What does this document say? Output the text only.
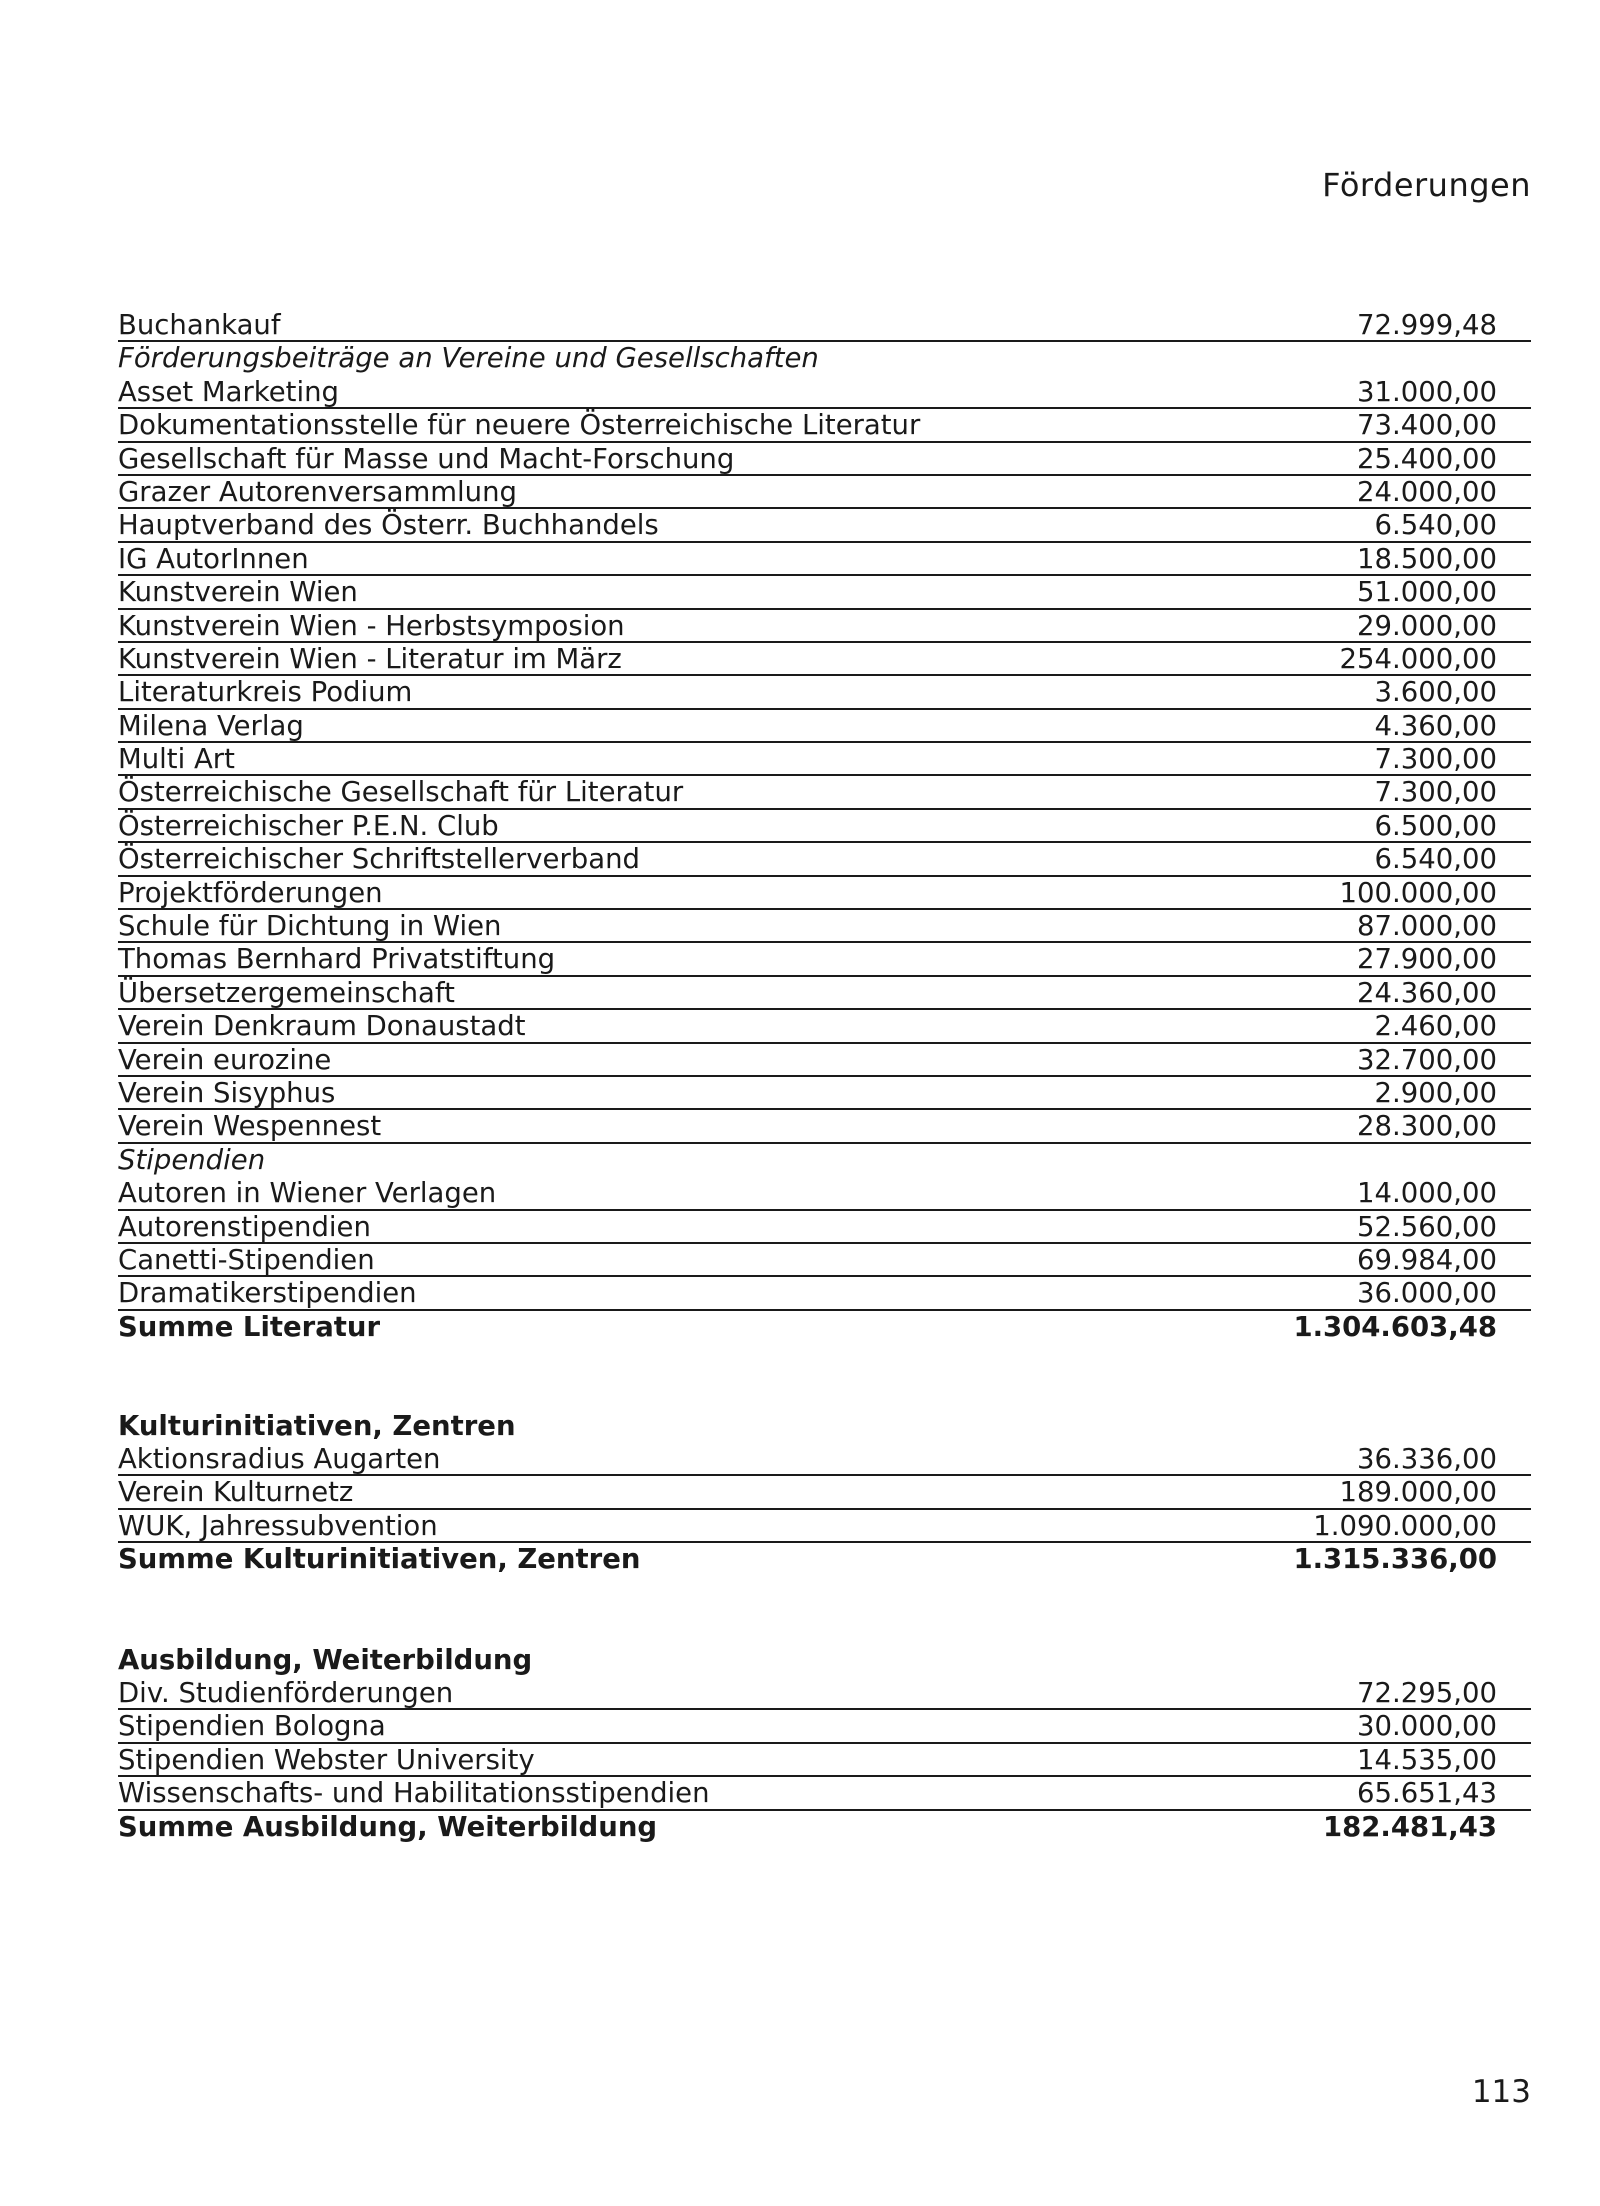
Förderungen
Buchankauf	72.999,48
Förderungsbeiträge an Vereine und Gesellschaften
Asset Marketing	31.000,00
Dokumentationsstelle für neuere Österreichische Literatur	73.400,00
Gesellschaft für Masse und Macht-Forschung	25.400,00
Grazer Autorenversammlung	24.000,00
Hauptverband des Österr. Buchhandels	6.540,00
IG AutorInnen	18.500,00
Kunstverein Wien	51.000,00
Kunstverein Wien - Herbstsymposion	29.000,00
Kunstverein Wien - Literatur im März	254.000,00
Literaturkreis Podium	3.600,00
Milena Verlag	4.360,00
Multi Art	7.300,00
Österreichische Gesellschaft für Literatur	7.300,00
Österreichischer P.E.N. Club	6.500,00
Österreichischer Schriftstellerverband	6.540,00
Projektförderungen	100.000,00
Schule für Dichtung in Wien	87.000,00
Thomas Bernhard Privatstiftung	27.900,00
Übersetzergemeinschaft	24.360,00
Verein Denkraum Donaustadt	2.460,00
Verein eurozine	32.700,00
Verein Sisyphus	2.900,00
Verein Wespennest	28.300,00
Stipendien
Autoren in Wiener Verlagen	14.000,00
Autorenstipendien	52.560,00
Canetti-Stipendien	69.984,00
Dramatikerstipendien	36.000,00
Summe Literatur	1.304.603,48
Kulturinitiativen, Zentren
Aktionsradius Augarten	36.336,00
Verein Kulturnetz	189.000,00
WUK, Jahressubvention	1.090.000,00
Summe Kulturinitiativen, Zentren	1.315.336,00
Ausbildung, Weiterbildung
Div. Studienförderungen	72.295,00
Stipendien Bologna	30.000,00
Stipendien Webster University	14.535,00
Wissenschafts- und Habilitationsstipendien	65.651,43
Summe Ausbildung, Weiterbildung	182.481,43
113
